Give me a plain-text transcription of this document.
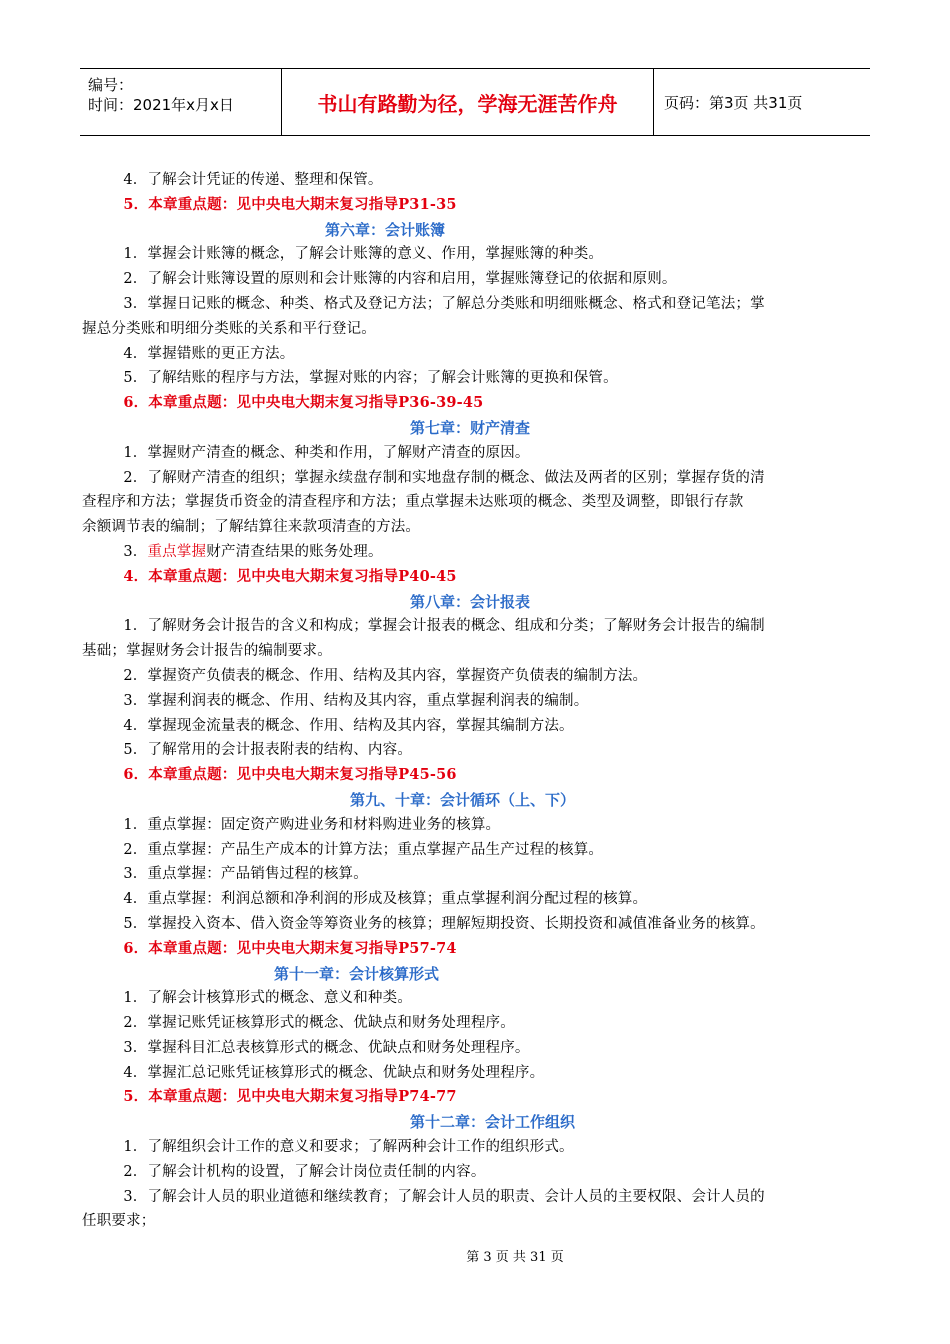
编号：
时间：2021年x月x日	书山有路勤为径，学海无涯苦作舟	页码：第3页 共31页

4．了解会计凭证的传递、整理和保管。

5．本章重点题：见中央电大期末复习指导P31-35

第六章：会计账簿

1．掌握会计账簿的概念，了解会计账簿的意义、作用，掌握账簿的种类。

2．了解会计账簿设置的原则和会计账簿的内容和启用，掌握账簿登记的依据和原则。

3．掌握日记账的概念、种类、格式及登记方法；了解总分类账和明细账概念、格式和登记笔法；掌

握总分类账和明细分类账的关系和平行登记。

4．掌握错账的更正方法。

5．了解结账的程序与方法，掌握对账的内容；了解会计账簿的更换和保管。

6．本章重点题：见中央电大期末复习指导P36-39-45

第七章：财产清查

1．掌握财产清查的概念、种类和作用，了解财产清查的原因。

2．了解财产清查的组织；掌握永续盘存制和实地盘存制的概念、做法及两者的区别；掌握存货的清

查程序和方法；掌握货币资金的清查程序和方法；重点掌握未达账项的概念、类型及调整，即银行存款

余额调节表的编制；了解结算往来款项清查的方法。

3．重点掌握财产清查结果的账务处理。

4．本章重点题：见中央电大期末复习指导P40-45

第八章：会计报表

1．了解财务会计报告的含义和构成；掌握会计报表的概念、组成和分类；了解财务会计报告的编制

基础；掌握财务会计报告的编制要求。

2．掌握资产负债表的概念、作用、结构及其内容，掌握资产负债表的编制方法。

3．掌握利润表的概念、作用、结构及其内容，重点掌握利润表的编制。

4．掌握现金流量表的概念、作用、结构及其内容，掌握其编制方法。

5．了解常用的会计报表附表的结构、内容。

6．本章重点题：见中央电大期末复习指导P45-56

第九、十章：会计循环（上、下）

1．重点掌握：固定资产购进业务和材料购进业务的核算。

2．重点掌握：产品生产成本的计算方法；重点掌握产品生产过程的核算。

3．重点掌握：产品销售过程的核算。

4．重点掌握：利润总额和净利润的形成及核算；重点掌握利润分配过程的核算。

5．掌握投入资本、借入资金等筹资业务的核算；理解短期投资、长期投资和减值准备业务的核算。

6．本章重点题：见中央电大期末复习指导P57-74

第十一章：会计核算形式

1．了解会计核算形式的概念、意义和种类。

2．掌握记账凭证核算形式的概念、优缺点和财务处理程序。

3．掌握科目汇总表核算形式的概念、优缺点和财务处理程序。

4．掌握汇总记账凭证核算形式的概念、优缺点和财务处理程序。

5．本章重点题：见中央电大期末复习指导P74-77

第十二章：会计工作组织

1．了解组织会计工作的意义和要求；了解两种会计工作的组织形式。

2．了解会计机构的设置，了解会计岗位责任制的内容。

3．了解会计人员的职业道德和继续教育；了解会计人员的职责、会计人员的主要权限、会计人员的

任职要求；

第 3 页 共 31 页
